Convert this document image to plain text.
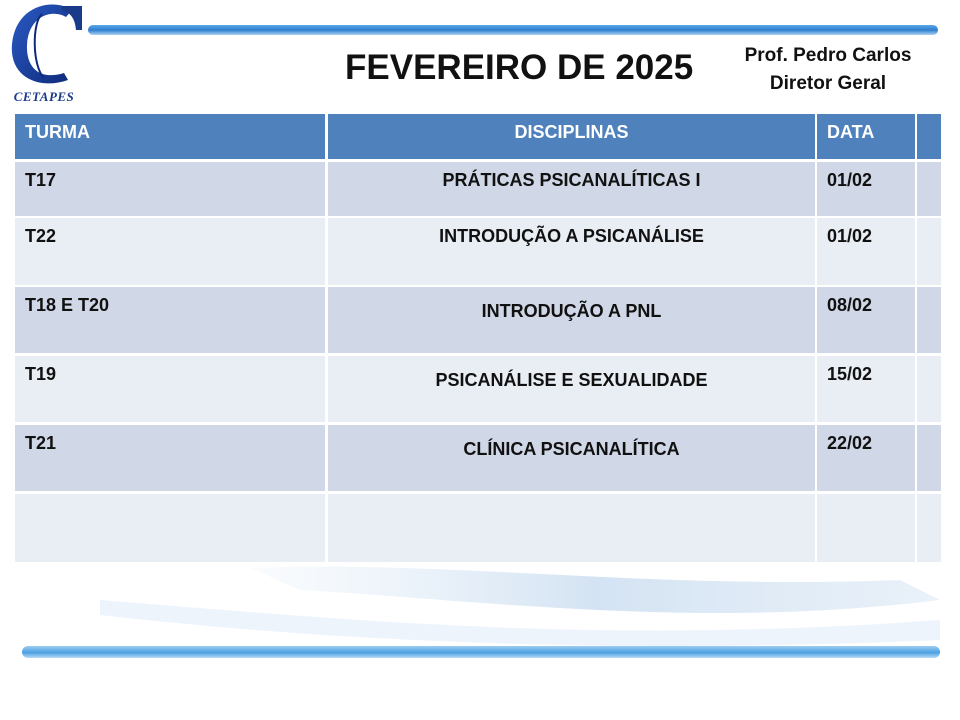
CETAPES
FEVEREIRO DE 2025	Prof. Pedro Carlos
Diretor Geral
TURMA	DISCIPLINAS	DATA
T17	PRÁTICAS PSICANALÍTICAS I	01/02
T22	INTRODUÇÃO A PSICANÁLISE	01/02
T18 E T20	INTRODUÇÃO A PNL	08/02
T19	PSICANÁLISE E SEXUALIDADE	15/02
T21	CLÍNICA PSICANALÍTICA	22/02
